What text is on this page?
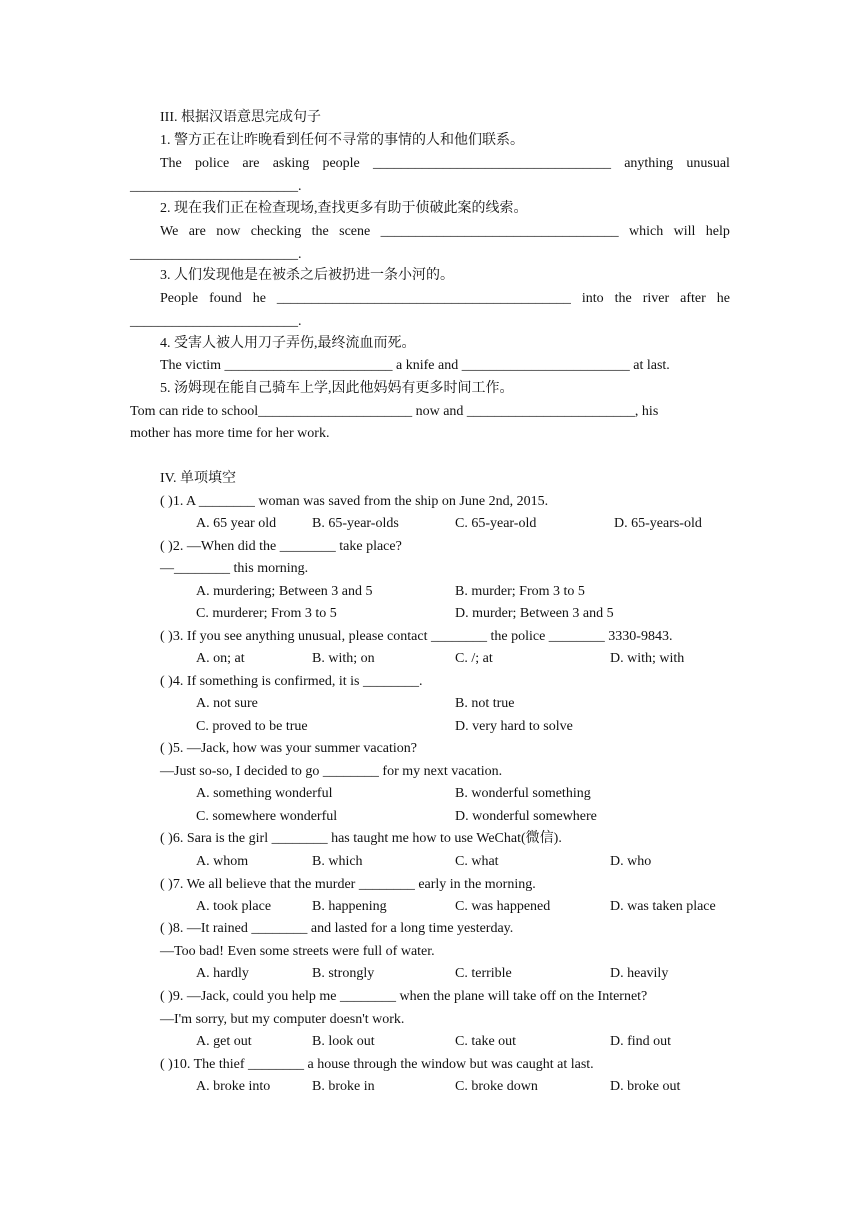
III. 根据汉语意思完成句子
1. 警方正在让昨晚看到任何不寻常的事情的人和他们联系。
The police are asking people __________________________________ anything unusual
________________________.
2. 现在我们正在检查现场,查找更多有助于侦破此案的线索。
We are now checking the scene __________________________________ which will help
________________________.
3. 人们发现他是在被杀之后被扔进一条小河的。
People found he __________________________________________ into the river after he
________________________.
4. 受害人被人用刀子弄伤,最终流血而死。
The victim ________________________ a knife and ________________________ at last.
5. 汤姆现在能自己骑车上学,因此他妈妈有更多时间工作。
Tom can ride to school______________________ now and ________________________, his
mother has more time for her work.
IV. 单项填空
( )1. A ________ woman was saved from the ship on June 2nd, 2015.
A. 65 year old	B. 65-year-olds	C. 65-year-old	D. 65-years-old
( )2. —When did the ________ take place?
—________ this morning.
A. murdering; Between 3 and 5	B. murder; From 3 to 5
C. murderer; From 3 to 5	D. murder; Between 3 and 5
( )3. If you see anything unusual, please contact ________ the police ________ 3330-9843.
A. on; at	B. with; on	C. /; at	D. with; with
( )4. If something is confirmed, it is ________.
A. not sure	B. not true
C. proved to be true	D. very hard to solve
( )5. —Jack, how was your summer vacation?
—Just so-so, I decided to go ________ for my next vacation.
A. something wonderful	B. wonderful something
C. somewhere wonderful	D. wonderful somewhere
( )6. Sara is the girl ________ has taught me how to use WeChat(微信).
A. whom	B. which	C. what	D. who
( )7. We all believe that the murder ________ early in the morning.
A. took place	B. happening	C. was happened	D. was taken place
( )8. —It rained ________ and lasted for a long time yesterday.
—Too bad! Even some streets were full of water.
A. hardly	B. strongly	C. terrible	D. heavily
( )9. —Jack, could you help me ________ when the plane will take off on the Internet?
—I'm sorry, but my computer doesn't work.
A. get out	B. look out	C. take out	D. find out
( )10. The thief ________ a house through the window but was caught at last.
A. broke into	B. broke in	C. broke down	D. broke out
